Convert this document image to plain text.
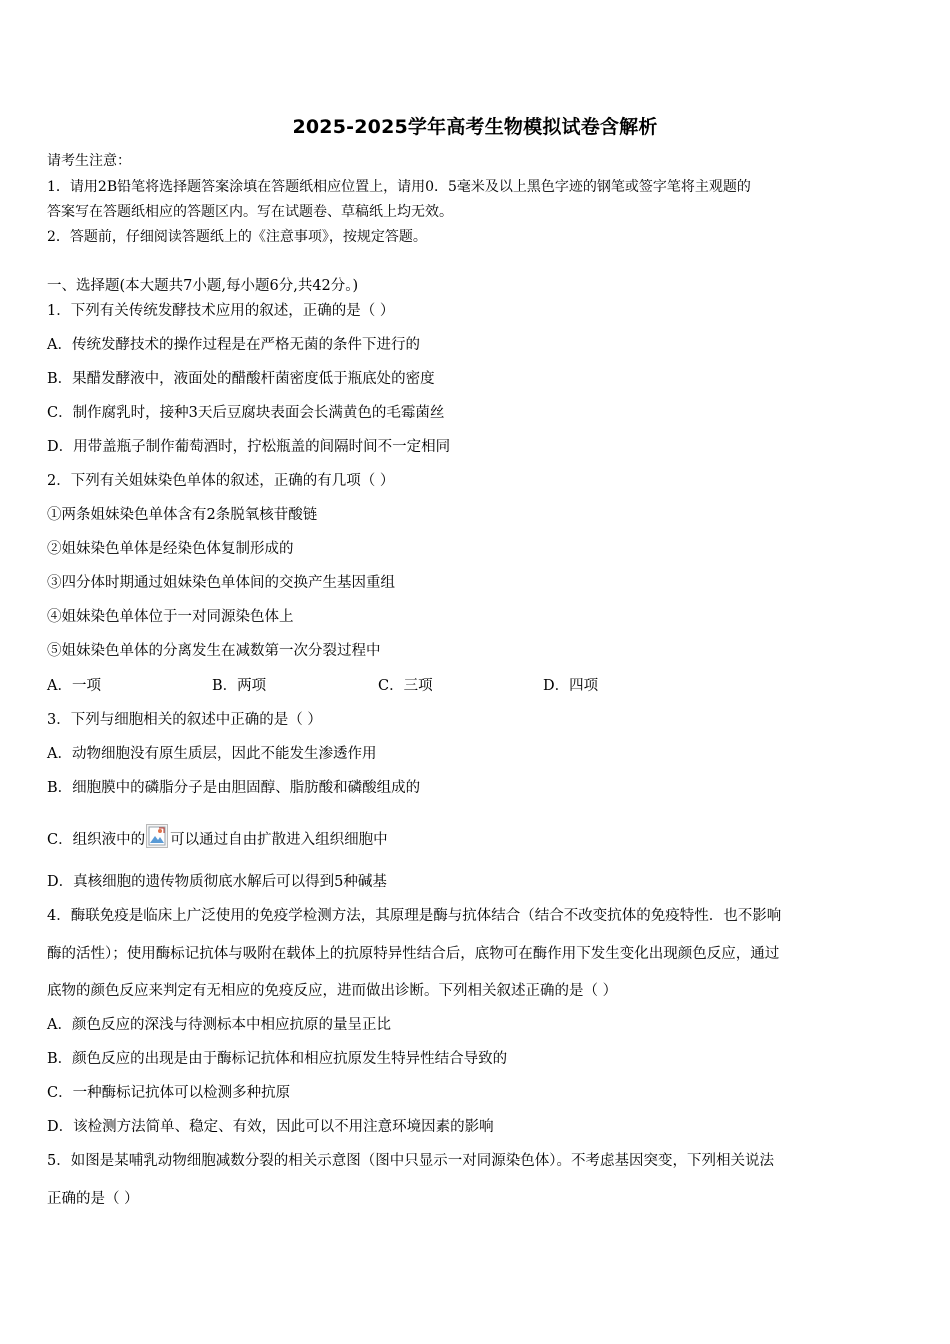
2025-2025学年高考生物模拟试卷含解析
请考生注意：
1．请用2B铅笔将选择题答案涂填在答题纸相应位置上，请用0．5毫米及以上黑色字迹的钢笔或签字笔将主观题的
答案写在答题纸相应的答题区内。写在试题卷、草稿纸上均无效。
2．答题前，仔细阅读答题纸上的《注意事项》，按规定答题。
一、选择题(本大题共7小题,每小题6分,共42分。)
1．下列有关传统发酵技术应用的叙述，正确的是（ ）
A．传统发酵技术的操作过程是在严格无菌的条件下进行的
B．果醋发酵液中，液面处的醋酸杆菌密度低于瓶底处的密度
C．制作腐乳时，接种3天后豆腐块表面会长满黄色的毛霉菌丝
D．用带盖瓶子制作葡萄酒时，拧松瓶盖的间隔时间不一定相同
2．下列有关姐妹染色单体的叙述，正确的有几项（ ）
①两条姐妹染色单体含有2条脱氧核苷酸链
②姐妹染色单体是经染色体复制形成的
③四分体时期通过姐妹染色单体间的交换产生基因重组
④姐妹染色单体位于一对同源染色体上
⑤姐妹染色单体的分离发生在减数第一次分裂过程中
A．一项	B．两项	C．三项	D．四项
3．下列与细胞相关的叙述中正确的是（ ）
A．动物细胞没有原生质层，因此不能发生渗透作用
B．细胞膜中的磷脂分子是由胆固醇、脂肪酸和磷酸组成的
C．组织液中的 可以通过自由扩散进入组织细胞中
D．真核细胞的遗传物质彻底水解后可以得到5种碱基
4．酶联免疫是临床上广泛使用的免疫学检测方法，其原理是酶与抗体结合（结合不改变抗体的免疫特性．也不影响
酶的活性）；使用酶标记抗体与吸附在载体上的抗原特异性结合后，底物可在酶作用下发生变化出现颜色反应，通过
底物的颜色反应来判定有无相应的免疫反应，进而做出诊断。下列相关叙述正确的是（ ）
A．颜色反应的深浅与待测标本中相应抗原的量呈正比
B．颜色反应的出现是由于酶标记抗体和相应抗原发生特异性结合导致的
C．一种酶标记抗体可以检测多种抗原
D．该检测方法简单、稳定、有效，因此可以不用注意环境因素的影响
5．如图是某哺乳动物细胞减数分裂的相关示意图（图中只显示一对同源染色体）。不考虑基因突变，下列相关说法
正确的是（ ）
